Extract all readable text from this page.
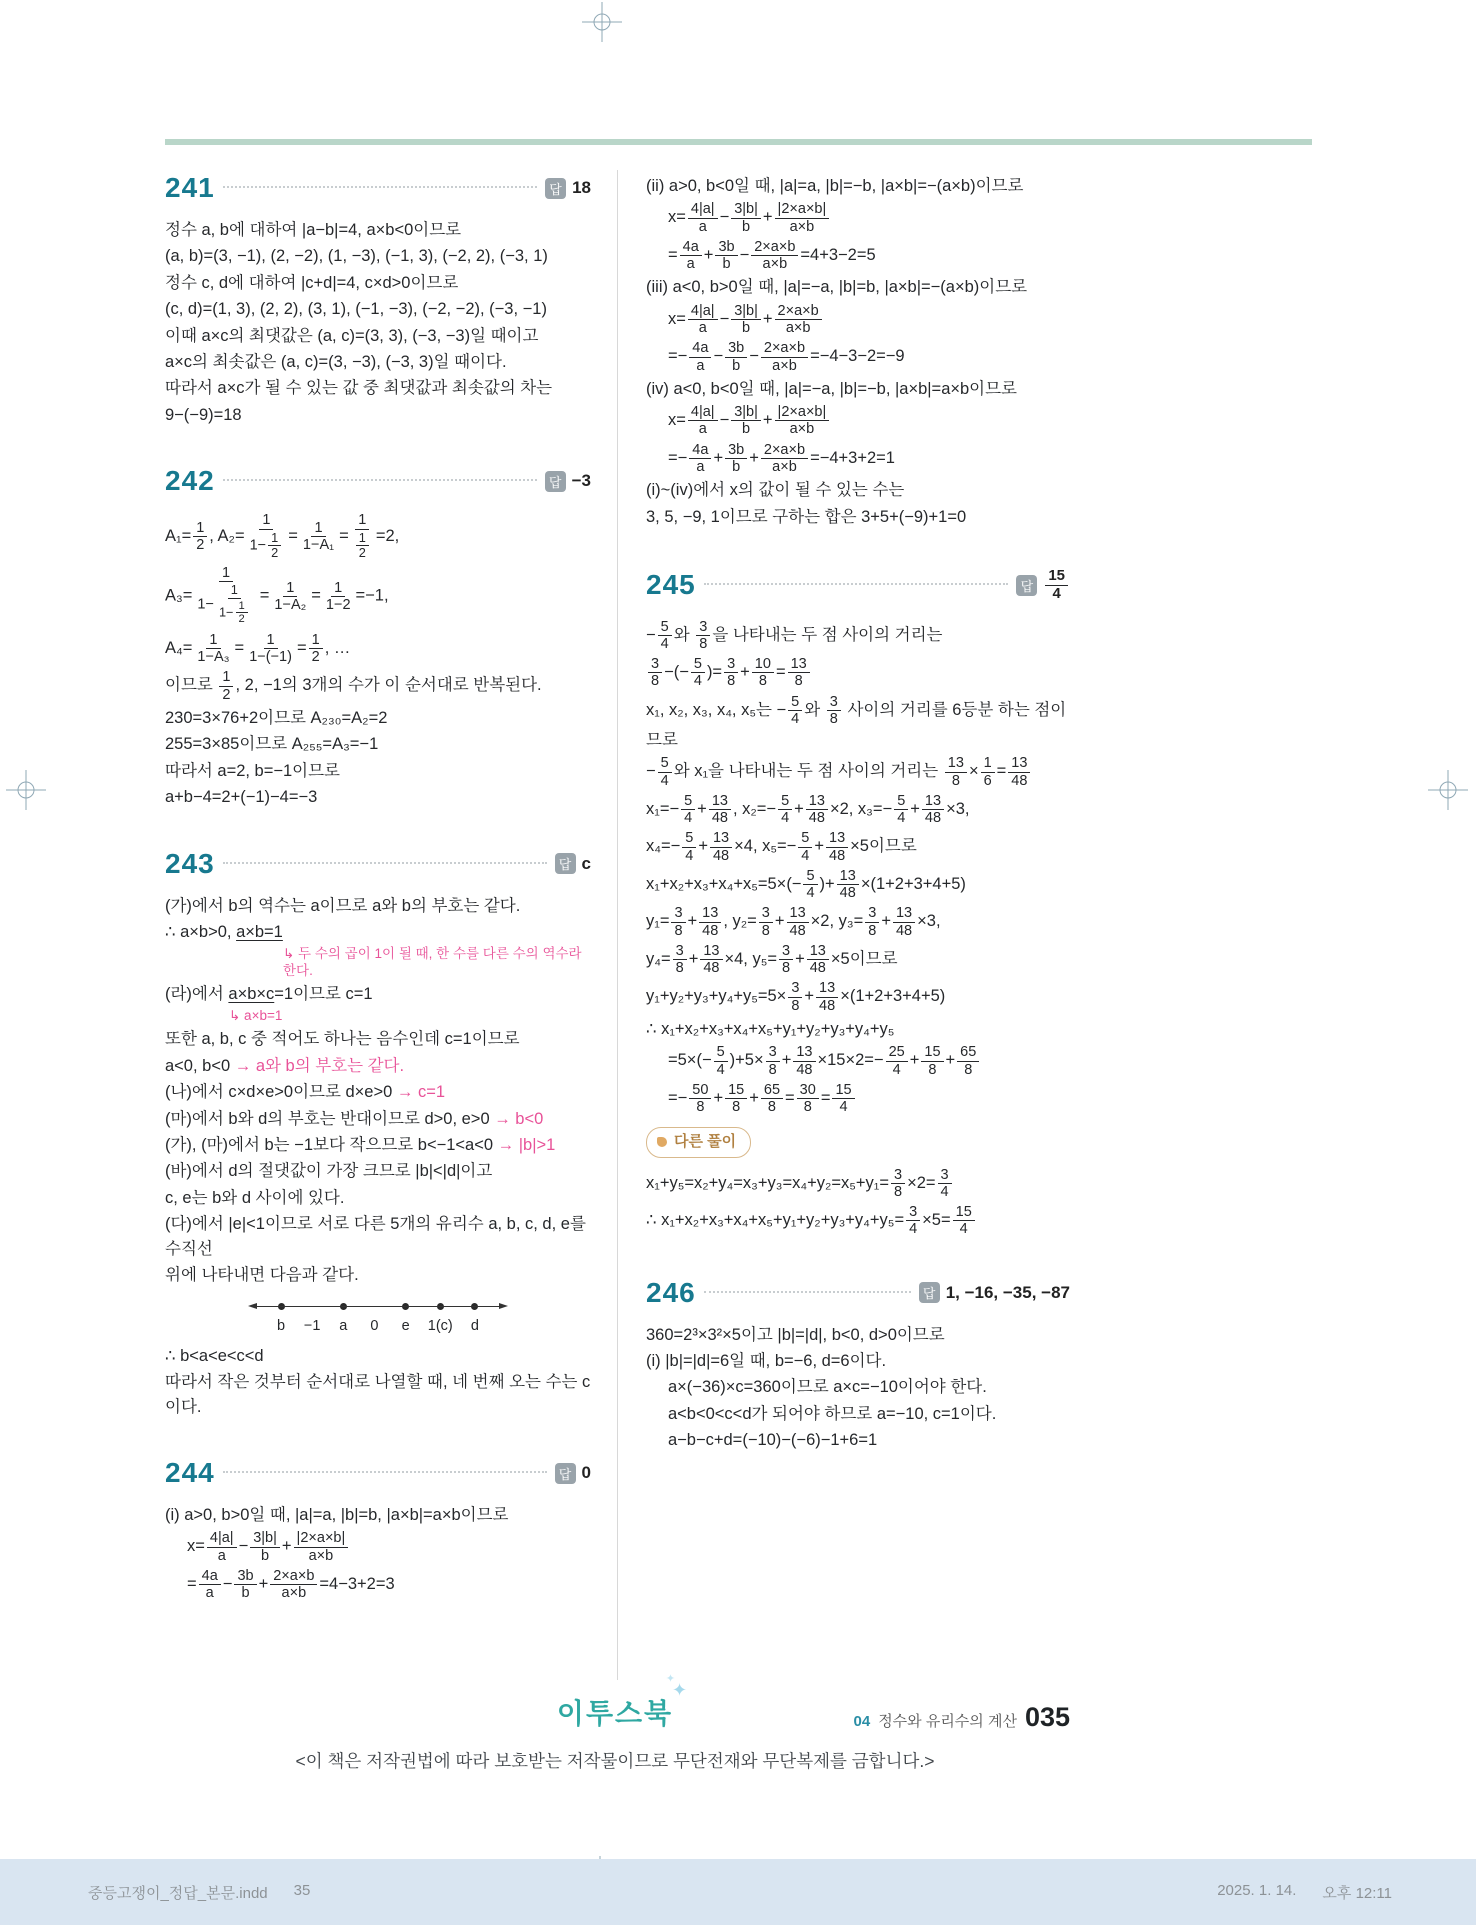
241	답 18
정수 a, b에 대하여 |a−b|=4, a×b<0이므로
(a, b)=(3, −1), (2, −2), (1, −3), (−1, 3), (−2, 2), (−3, 1)
정수 c, d에 대하여 |c+d|=4, c×d>0이므로
(c, d)=(1, 3), (2, 2), (3, 1), (−1, −3), (−2, −2), (−3, −1)
이때 a×c의 최댓값은 (a, c)=(3, 3), (−3, −3)일 때이고
a×c의 최솟값은 (a, c)=(3, −3), (−3, 3)일 때이다.
따라서 a×c가 될 수 있는 값 중 최댓값과 최솟값의 차는
9−(−9)=18
242	답 −3
$A_1= \frac{1}{2}$ , $A_2= \frac{1}{1- \frac{1}{2}} = \frac{1}{\text{1−A₁}} = \frac{1}{\frac{1}{2}} =2$,
$A_3= \frac{1}{1- \frac{1}{1- \frac{1}{2}}} = \frac{1}{\text{1−A₂}} = \frac{1}{1-2} =-1$,
$A_4= \frac{1}{\text{1−A₃}} = \frac{1}{1-(-1)} = \frac{1}{2}$ , …
이므로 $\frac{1}{2}$ , 2, −1의 3개의 수가 이 순서대로 반복된다.
230=3×76+2이므로 A₂₃₀=A₂=2
255=3×85이므로 A₂₅₅=A₃=−1
따라서 a=2, b=−1이므로
a+b−4=2+(−1)−4=−3
243	답 c
(가)에서 b의 역수는 a이므로 a와 b의 부호는 같다.
∴ a×b>0, a×b=1
↳ 두 수의 곱이 1이 될 때, 한 수를 다른 수의 역수라 한다.
(라)에서 a×b×c=1이므로 c=1
↳ a×b=1
또한 a, b, c 중 적어도 하나는 음수인데 c=1이므로
a<0, b<0 → a와 b의 부호는 같다.
(나)에서 c×d×e>0이므로 d×e>0 → c=1
(마)에서 b와 d의 부호는 반대이므로 d>0, e>0 → b<0
(가), (마)에서 b는 −1보다 작으므로 b<−1<a<0 → |b|>1
(바)에서 d의 절댓값이 가장 크므로 |b|<|d|이고
c, e는 b와 d 사이에 있다.
(다)에서 |e|<1이므로 서로 다른 5개의 유리수 a, b, c, d, e를 수직선
위에 나타내면 다음과 같다.
b −1 a 0 e 1(c) d
∴ b<a<e<c<d
따라서 작은 것부터 순서대로 나열할 때, 네 번째 오는 수는 c이다.
244	답 0
(i) a>0, b>0일 때, |a|=a, |b|=b, |a×b|=a×b이므로
$x= \frac{4|a|}{a} - \frac{3|b|}{b} + \frac{|2\times a\times b|}{a\times b}$
= $\frac{4a}{a} - \frac{3b}{b} + \frac{2\times a\times b}{a\times b} =4-3+2=3$
(ii) a>0, b<0일 때, |a|=a, |b|=−b, |a×b|=−(a×b)이므로
$x= \frac{4|a|}{a} - \frac{3|b|}{b} + \frac{|2\times a\times b|}{a\times b}$
= $\frac{4a}{a} + \frac{3b}{b} - \frac{2\times a\times b}{a\times b} =4+3-2=5$
(iii) a<0, b>0일 때, |a|=−a, |b|=b, |a×b|=−(a×b)이므로
$x= \frac{4|a|}{a} - \frac{3|b|}{b} + \frac{2\times a\times b}{a\times b}$
=− $\frac{4a}{a} - \frac{3b}{b} - \frac{2\times a\times b}{a\times b} =-4-3-2=-9$
(iv) a<0, b<0일 때, |a|=−a, |b|=−b, |a×b|=a×b이므로
$x= \frac{4|a|}{a} - \frac{3|b|}{b} + \frac{|2\times a\times b|}{a\times b}$
=− $\frac{4a}{a} + \frac{3b}{b} + \frac{2\times a\times b}{a\times b} =-4+3+2=1$
(i)~(iv)에서 x의 값이 될 수 있는 수는
3, 5, −9, 1이므로 구하는 합은 3+5+(−9)+1=0
245	답 $\frac{15}{4}$
− $\frac{5}{4}$ 와 $\frac{3}{8}$ 을 나타내는 두 점 사이의 거리는
$\frac{3}{8}$ −(− $\frac{5}{4}$ )= $\frac{3}{8} + \frac{10}{8} = \frac{13}{8}$
x₁, x₂, x₃, x₄, x₅는 − $\frac{5}{4}$ 와 $\frac{3}{8}$ 사이의 거리를 6등분 하는 점이므로
− $\frac{5}{4}$ 와 x₁을 나타내는 두 점 사이의 거리는 $\frac{13}{8} \times \frac{1}{6} = \frac{13}{48}$
$x_1=- \frac{5}{4} + \frac{13}{48}$ , $x_2=- \frac{5}{4} + \frac{13}{48} \times 2$, $x_3=- \frac{5}{4} + \frac{13}{48} \times 3$,
$x_4=- \frac{5}{4} + \frac{13}{48} \times 4$, $x_5=- \frac{5}{4} + \frac{13}{48} \times 5$이므로
$x_1+x_2+x_3+x_4+x_5=5\times(- \frac{5}{4}$ )+ $\frac{13}{48} \times(1+2+3+4+5)$
$y_1= \frac{3}{8} + \frac{13}{48}$ , $y_2= \frac{3}{8} + \frac{13}{48} \times 2$, $y_3= \frac{3}{8} + \frac{13}{48} \times 3$,
$y_4= \frac{3}{8} + \frac{13}{48} \times 4$, $y_5= \frac{3}{8} + \frac{13}{48} \times 5$이므로
$y_1+y_2+y_3+y_4+y_5=5\times \frac{3}{8} + \frac{13}{48} \times(1+2+3+4+5)$
∴ x₁+x₂+x₃+x₄+x₅+y₁+y₂+y₃+y₄+y₅
$=5\times(- \frac{5}{4} )+5\times \frac{3}{8} + \frac{13}{48} \times 15\times 2=- \frac{25}{4} + \frac{15}{8} + \frac{65}{8}$
=− $\frac{50}{8} + \frac{15}{8} + \frac{65}{8} = \frac{30}{8} = \frac{15}{4}$
다른 풀이
$x_1+y_5=x_2+y_4=x_3+y_3=x_4+y_2=x_5+y_1= \frac{3}{8} \times 2= \frac{3}{4}$
∴ $x_1+x_2+x_3+x_4+x_5+y_1+y_2+y_3+y_4+y_5= \frac{3}{4} \times 5= \frac{15}{4}$
246	답 1, −16, −35, −87
360=2³×3²×5이고 |b|=|d|, b<0, d>0이므로
(i) |b|=|d|=6일 때, b=−6, d=6이다.
a×(−36)×c=360이므로 a×c=−10이어야 한다.
a<b<0<c<d가 되어야 하므로 a=−10, c=1이다.
a−b−c+d=(−10)−(−6)−1+6=1
✦
✦
이투스북	04 정수와 유리수의 계산 035
<이 책은 저작권법에 따라 보호받는 저작물이므로 무단전재와 무단복제를 금합니다.>
중등고쟁이_정답_본문.indd 35	2025. 1. 14. 오후 12:11
